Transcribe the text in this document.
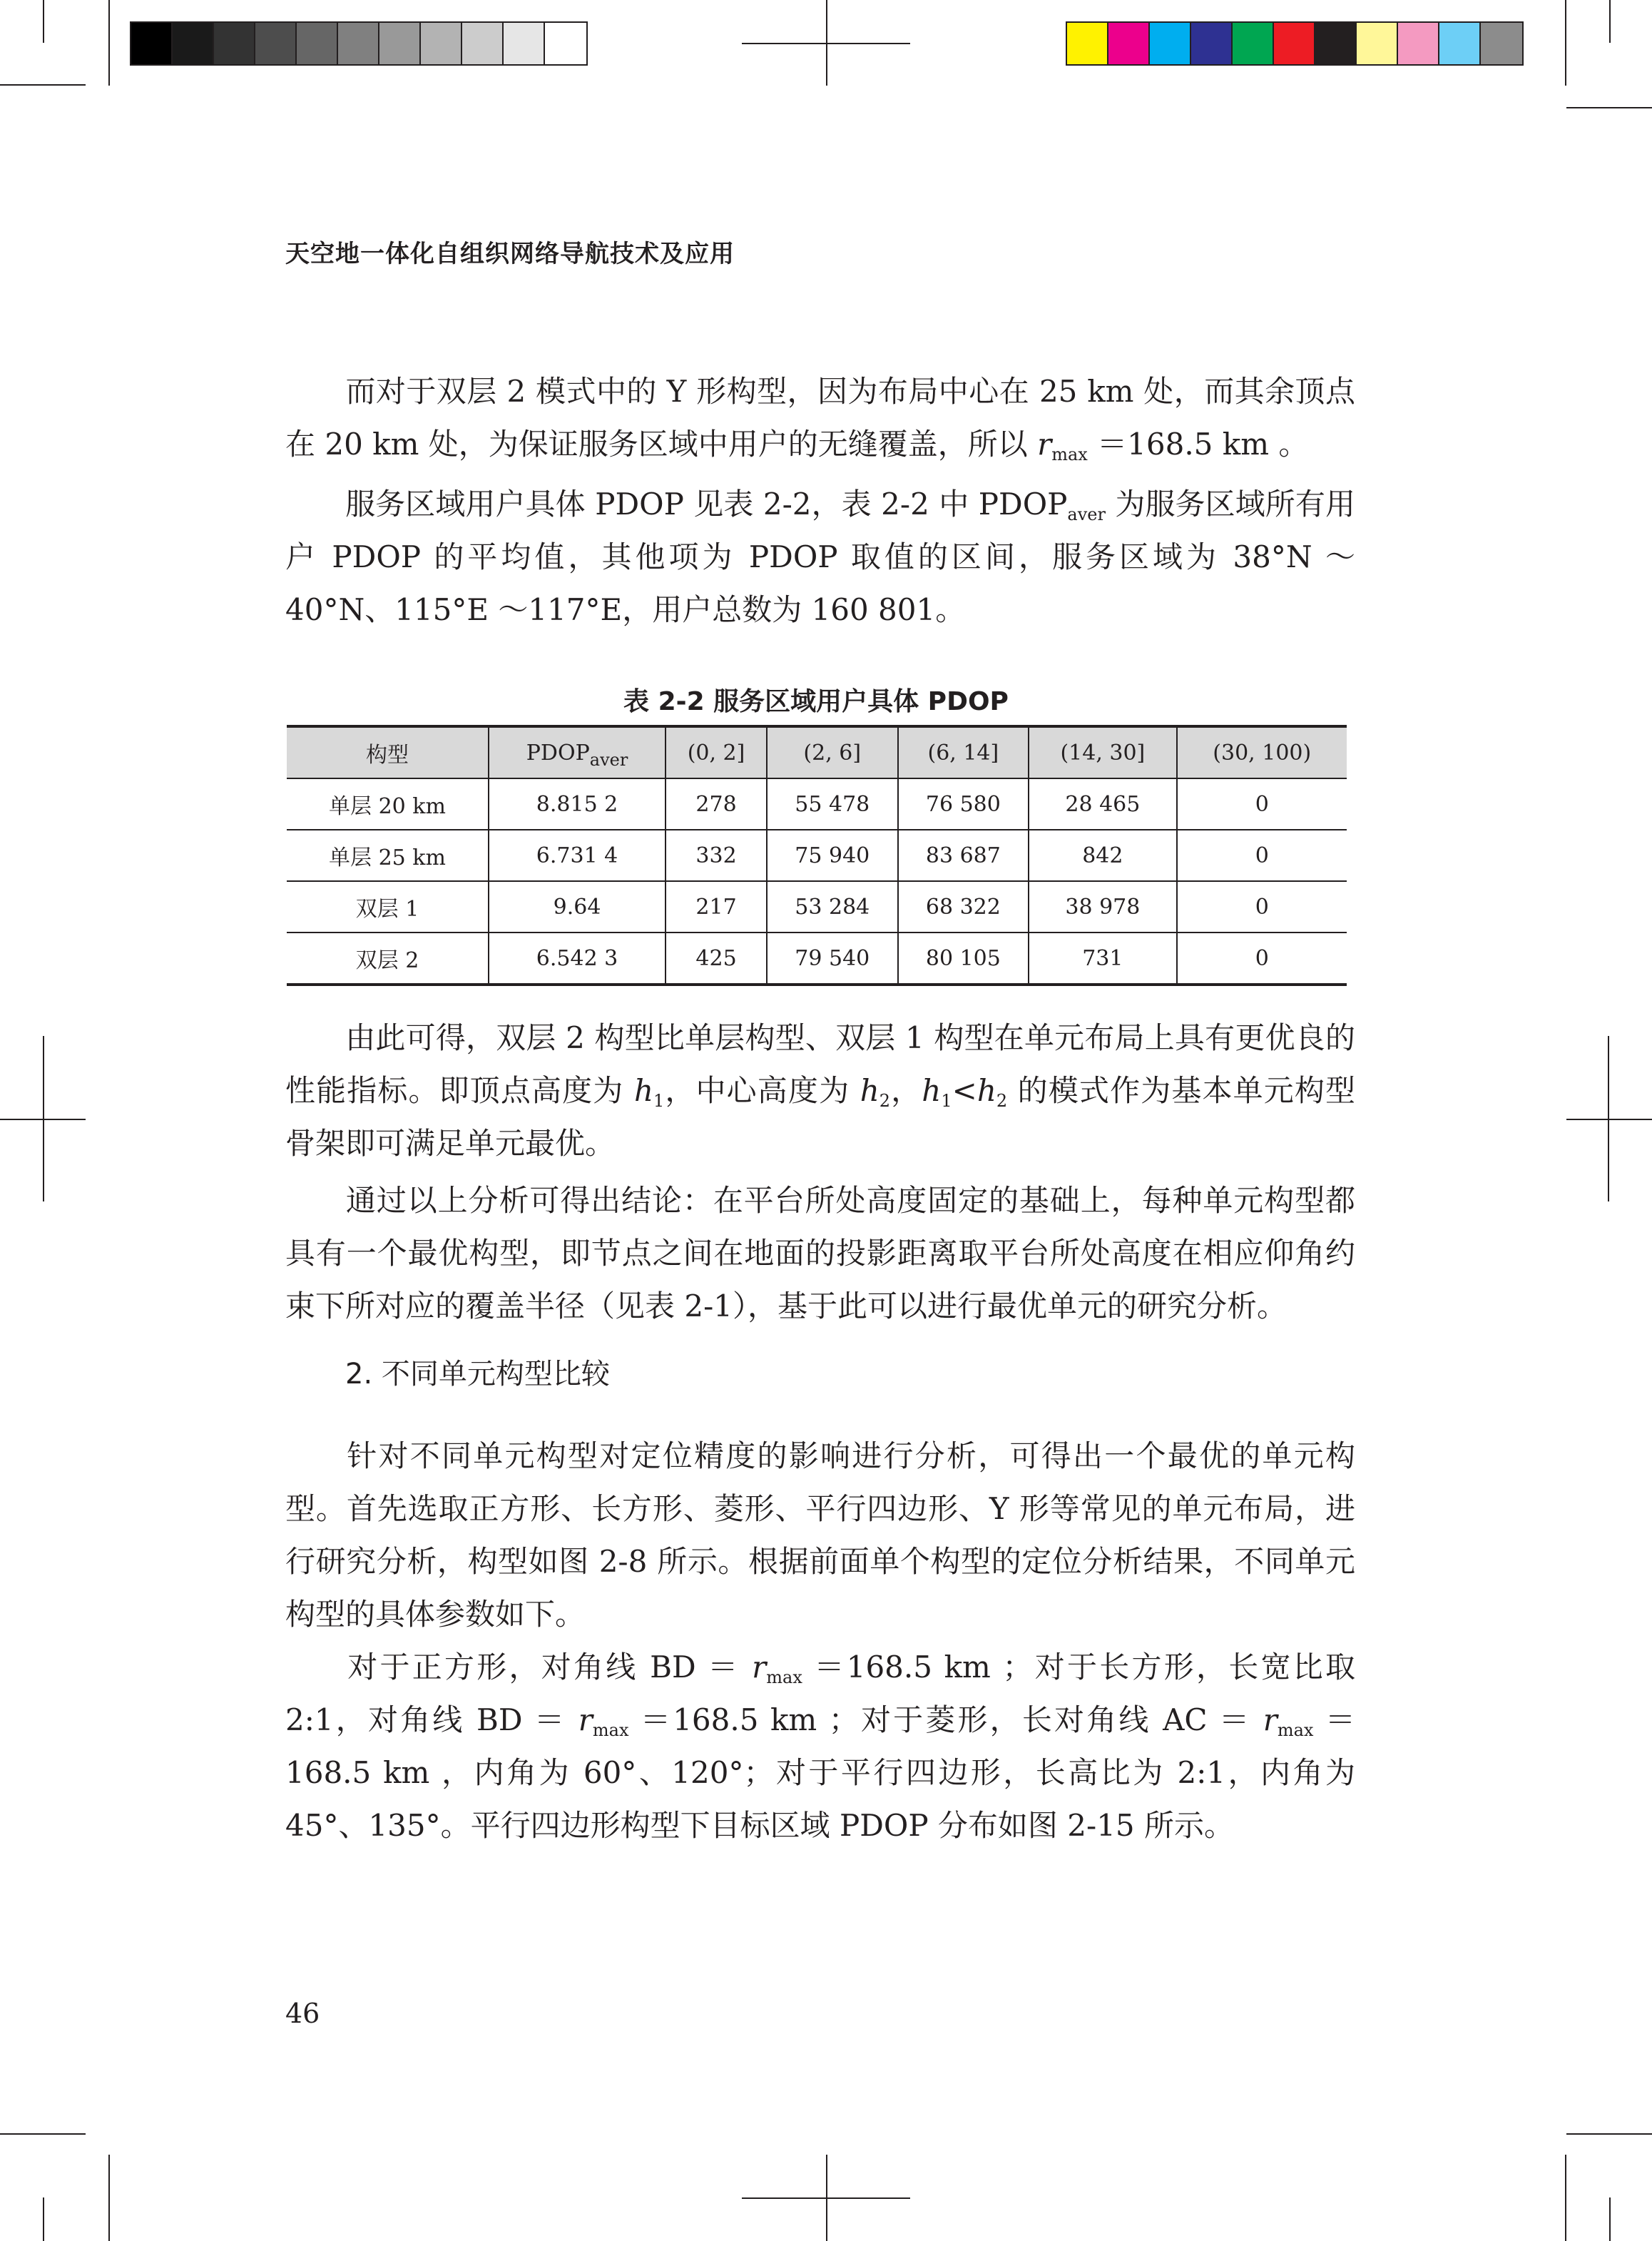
天空地一体化自组织网络导航技术及应用

而对于双层 2 模式中的 Y 形构型，因为布局中心在 25 km 处，而其余顶点在 20 km 处，为保证服务区域中用户的无缝覆盖，所以 $r_{max} =168.5$ km 。

服务区域用户具体 PDOP 见表 2-2，表 2-2 中 $PDOP_{aver}$ 为服务区域所有用户 PDOP 的平均值，其他项为 PDOP 取值的区间，服务区域为 38°N ～ 40°N、115°E ～117°E，用户总数为 160 801。

表 2-2 服务区域用户具体 PDOP
构型	$PDOP_{aver}$	(0, 2]	(2, 6]	(6, 14]	(14, 30]	(30, 100)
单层 20 km	8.815 2	278	55 478	76 580	28 465	0
单层 25 km	6.731 4	332	75 940	83 687	842	0
双层 1	9.64	217	53 284	68 322	38 978	0
双层 2	6.542 3	425	79 540	80 105	731	0

由此可得，双层 2 构型比单层构型、双层 1 构型在单元布局上具有更优良的性能指标。即顶点高度为 $h_1$，中心高度为 $h_2$，$h_1<h_2$ 的模式作为基本单元构型骨架即可满足单元最优。

通过以上分析可得出结论：在平台所处高度固定的基础上，每种单元构型都具有一个最优构型，即节点之间在地面的投影距离取平台所处高度在相应仰角约束下所对应的覆盖半径（见表 2-1），基于此可以进行最优单元的研究分析。

2. 不同单元构型比较

针对不同单元构型对定位精度的影响进行分析，可得出一个最优的单元构型。首先选取正方形、长方形、菱形、平行四边形、Y 形等常见的单元布局，进行研究分析，构型如图 2-8 所示。根据前面单个构型的定位分析结果，不同单元构型的具体参数如下。

对于正方形，对角线 BD ＝ $r_{max} =168.5$ km ；对于长方形，长宽比取 2:1，对角线 BD ＝ $r_{max} =168.5$ km ；对于菱形，长对角线 AC ＝ $r_{max} =168.5$ km ，内角为 60°、120°；对于平行四边形，长高比为 2:1，内角为 45°、135°。平行四边形构型下目标区域 PDOP 分布如图 2-15 所示。

46
